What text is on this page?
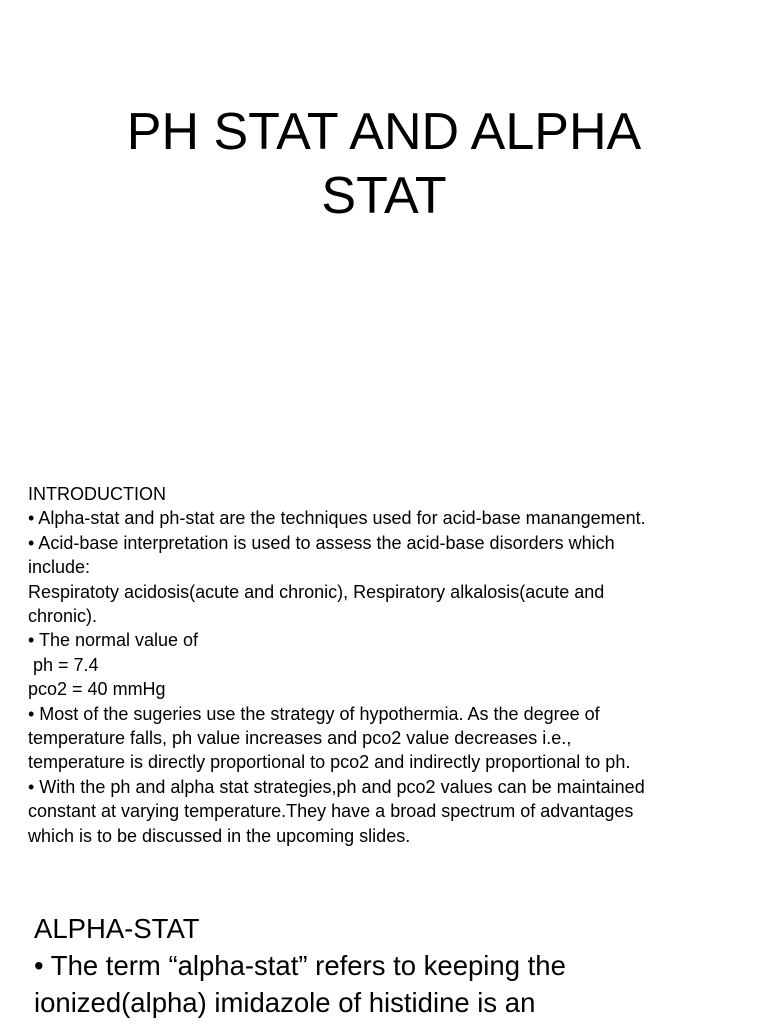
PH STAT AND ALPHA
STAT
INTRODUCTION
• Alpha-stat and ph-stat are the techniques used for acid-base manangement.
• Acid-base interpretation is used to assess the acid-base disorders which
include:
Respiratoty acidosis(acute and chronic), Respiratory alkalosis(acute and
chronic).
• The normal value of
ph = 7.4
pco2 = 40 mmHg
• Most of the sugeries use the strategy of hypothermia. As the degree of
temperature falls, ph value increases and pco2 value decreases i.e.,
temperature is directly proportional to pco2 and indirectly proportional to ph.
• With the ph and alpha stat strategies,ph and pco2 values can be maintained
constant at varying temperature.They have a broad spectrum of advantages
which is to be discussed in the upcoming slides.
ALPHA-STAT
• The term “alpha-stat” refers to keeping the
ionized(alpha) imidazole of histidine is an
